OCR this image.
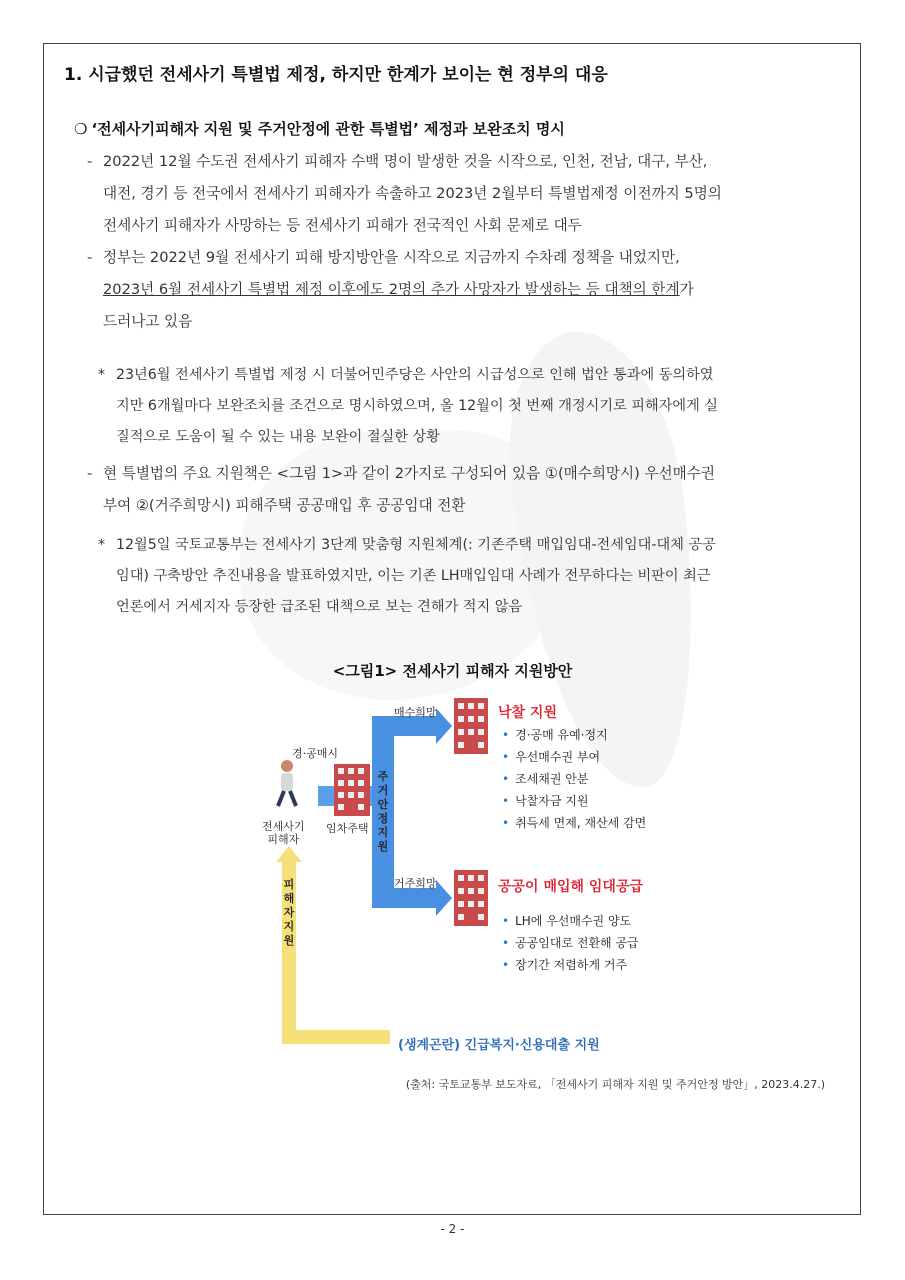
1. 시급했던 전세사기 특별법 제정, 하지만 한계가 보이는 현 정부의 대응
❍ ‘전세사기피해자 지원 및 주거안정에 관한 특별법’ 제정과 보완조치 명시
- 2022년 12월 수도권 전세사기 피해자 수백 명이 발생한 것을 시작으로, 인천, 전남, 대구, 부산,
대전, 경기 등 전국에서 전세사기 피해자가 속출하고 2023년 2월부터 특별법제정 이전까지 5명의
전세사기 피해자가 사망하는 등 전세사기 피해가 전국적인 사회 문제로 대두
- 정부는 2022년 9월 전세사기 피해 방지방안을 시작으로 지금까지 수차례 정책을 내었지만,
2023년 6월 전세사기 특별법 제정 이후에도 2명의 추가 사망자가 발생하는 등 대책의 한계가
드러나고 있음
* 23년6월 전세사기 특별법 제정 시 더불어민주당은 사안의 시급성으로 인해 법안 통과에 동의하였
지만 6개월마다 보완조치를 조건으로 명시하였으며, 올 12월이 첫 번째 개정시기로 피해자에게 실
질적으로 도움이 될 수 있는 내용 보완이 절실한 상황
- 현 특별법의 주요 지원책은 <그림 1>과 같이 2가지로 구성되어 있음 ①(매수희망시) 우선매수권
부여 ②(거주희망시) 피해주택 공공매입 후 공공임대 전환
* 12월5일 국토교통부는 전세사기 3단계 맞춤형 지원체계(: 기존주택 매입임대-전세임대-대체 공공
임대) 구축방안 추진내용을 발표하였지만, 이는 기존 LH매입임대 사례가 전무하다는 비판이 최근
언론에서 거세지자 등장한 급조된 대책으로 보는 견해가 적지 않음
<그림1> 전세사기 피해자 지원방안
경·공매시
전세사기
피해자
임차주택
주거안정지원
피해자지원
매수희망	낙찰 지원
• 경·공매 유예·정지
• 우선매수권 부여
• 조세채권 안분
• 낙찰자금 지원
• 취득세 면제, 재산세 감면
거주희망	공공이 매입해 임대공급
• LH에 우선매수권 양도
• 공공임대로 전환해 공급
• 장기간 저렴하게 거주
(생계곤란) 긴급복지·신용대출 지원
(출처: 국토교통부 보도자료, 「전세사기 피해자 지원 및 주거안정 방안」, 2023.4.27.)
- 2 -
